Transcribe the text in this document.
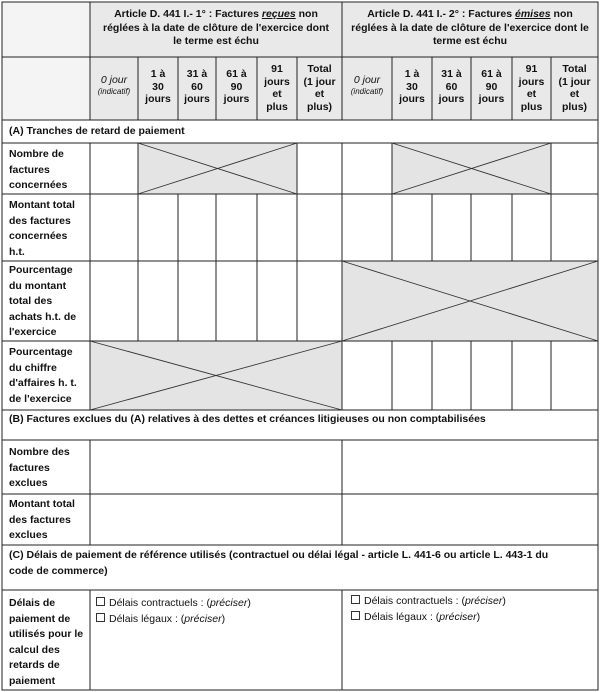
Article D. 441 I.- 1° : Factures reçues non
réglées à la date de clôture de l'exercice dont
le terme est échu
Article D. 441 I.- 2° : Factures émises non
réglées à la date de clôture de l'exercice dont le
terme est échu
0 jour
(indicatif)
1 à
30
jours
31 à
60
jours
61 à
90
jours
91
jours
et
plus
Total
(1 jour
et
plus)
0 jour
(indicatif)
1 à
30
jours
31 à
60
jours
61 à
90
jours
91
jours
et
plus
Total
(1 jour
et
plus)
(A) Tranches de retard de paiement
Nombre de
factures
concernées
Montant total
des factures
concernées
h.t.
Pourcentage
du montant
total des
achats h.t. de
l'exercice
Pourcentage
du chiffre
d'affaires h. t.
de l'exercice
(B) Factures exclues du (A) relatives à des dettes et créances litigieuses ou non comptabilisées
Nombre des
factures
exclues
Montant total
des factures
exclues
(C) Délais de paiement de référence utilisés (contractuel ou délai légal - article L. 441-6 ou article L. 443-1 du
code de commerce)
Délais de
paiement de
utilisés pour le
calcul des
retards de
paiement
Délais contractuels : (préciser)
Délais légaux : (préciser)
Délais contractuels : (préciser)
Délais légaux : (préciser)
